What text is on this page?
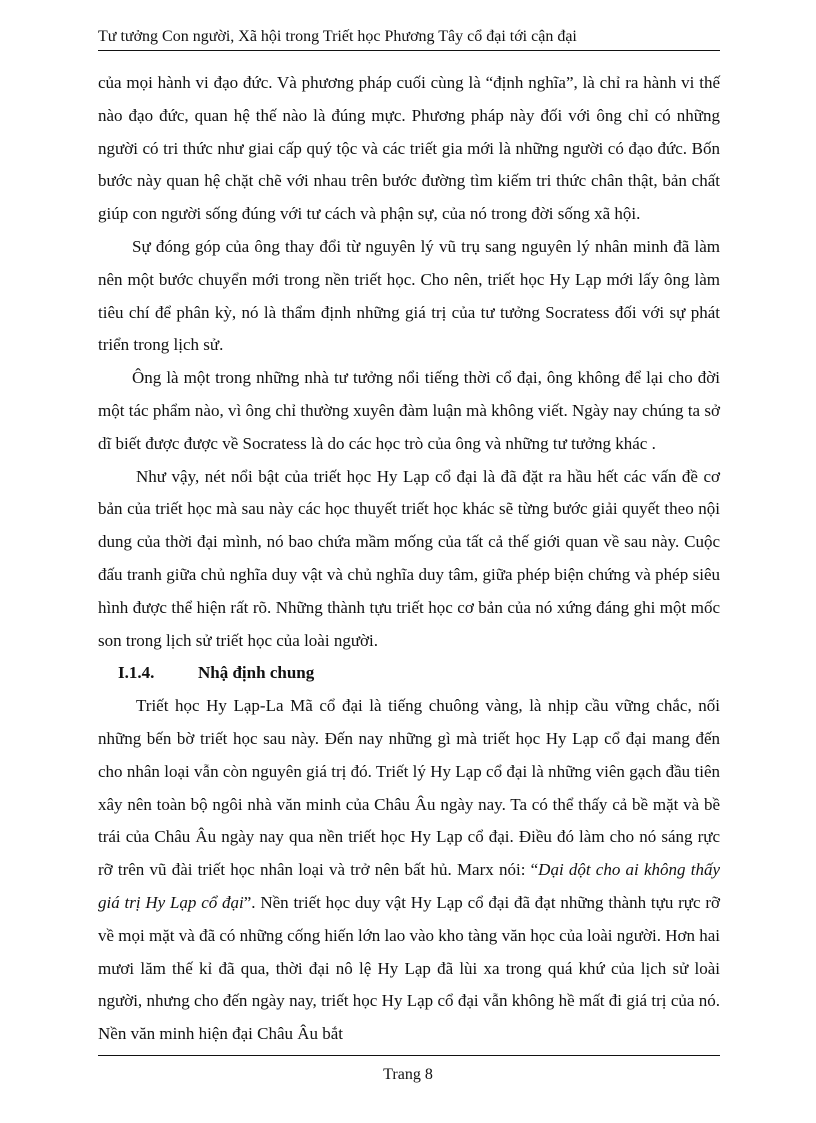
Tư tưởng Con người, Xã hội trong Triết học Phương Tây cổ đại tới cận đại

của mọi hành vi đạo đức. Và phương pháp cuối cùng là “định nghĩa”, là chỉ ra hành vi thế nào đạo đức, quan hệ thế nào là đúng mực. Phương pháp này đối với ông chỉ có những người có tri thức như giai cấp quý tộc và các triết gia mới là những người có đạo đức. Bốn bước này quan hệ chặt chẽ với nhau trên bước đường tìm kiếm tri thức chân thật, bản chất giúp con người sống đúng với tư cách và phận sự, của nó trong đời sống xã hội.

Sự đóng góp của ông thay đổi từ nguyên lý vũ trụ sang nguyên lý nhân minh đã làm nên một bước chuyển mới trong nền triết học. Cho nên, triết học Hy Lạp mới lấy ông làm tiêu chí để phân kỳ, nó là thẩm định những giá trị của tư tưởng Socratess đối với sự phát triển trong lịch sử.

Ông là một trong những nhà tư tưởng nổi tiếng thời cổ đại, ông không để lại cho đời một tác phẩm nào, vì ông chỉ thường xuyên đàm luận mà không viết. Ngày nay chúng ta sở dĩ biết được được về Socratess là do các học trò của ông và những tư tưởng khác .

Như vậy, nét nổi bật của triết học Hy Lạp cổ đại là đã đặt ra hầu hết các vấn đề cơ bản của triết học mà sau này các học thuyết triết học khác sẽ từng bước giải quyết theo nội dung của thời đại mình, nó bao chứa mầm mống của tất cả thế giới quan về sau này. Cuộc đấu tranh giữa chủ nghĩa duy vật và chủ nghĩa duy tâm, giữa phép biện chứng và phép siêu hình được thể hiện rất rõ. Những thành tựu triết học cơ bản của nó xứng đáng ghi một mốc son trong lịch sử triết học của loài người.

I.1.4.	Nhậ định chung

Triết học Hy Lạp-La Mã cổ đại là tiếng chuông vàng, là nhịp cầu vững chắc, nối những bến bờ triết học sau này. Đến nay những gì mà triết học Hy Lạp cổ đại mang đến cho nhân loại vẫn còn nguyên giá trị đó. Triết lý Hy Lạp cổ đại là những viên gạch đầu tiên xây nên toàn bộ ngôi nhà văn minh của Châu Âu ngày nay. Ta có thể thấy cả bề mặt và bề trái của Châu Âu ngày nay qua nền triết học Hy Lạp cổ đại. Điều đó làm cho nó sáng rực rỡ trên vũ đài triết học nhân loại và trở nên bất hủ. Marx nói: “Dại dột cho ai không thấy giá trị Hy Lạp cổ đại”. Nền triết học duy vật Hy Lạp cổ đại đã đạt những thành tựu rực rỡ về mọi mặt và đã có những cống hiến lớn lao vào kho tàng văn học của loài người. Hơn hai mươi lăm thế kỉ đã qua, thời đại nô lệ Hy Lạp đã lùi xa trong quá khứ của lịch sử loài người, nhưng cho đến ngày nay, triết học Hy Lạp cổ đại vẫn không hề mất đi giá trị của nó. Nền văn minh hiện đại Châu Âu bắt

Trang 8
